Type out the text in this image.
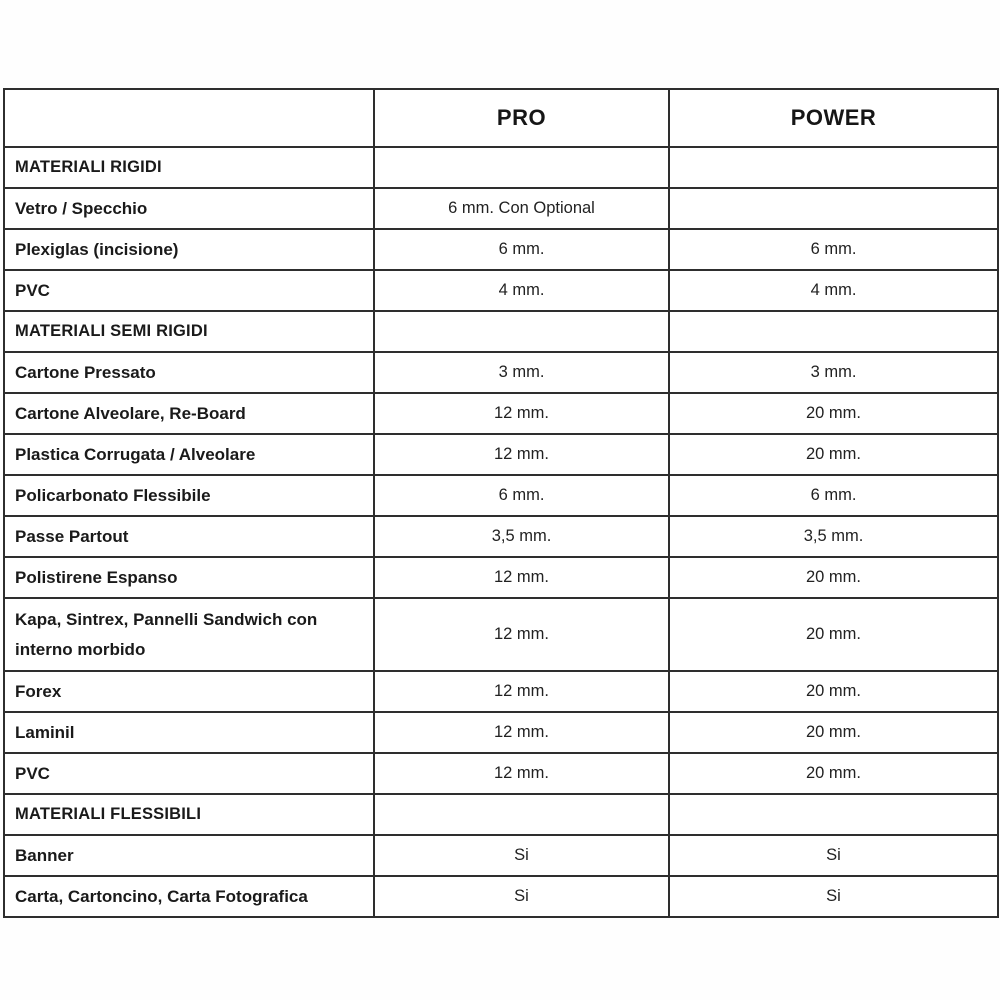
	PRO	POWER
MATERIALI RIGIDI		
Vetro / Specchio	6 mm. Con Optional	
Plexiglas (incisione)	6 mm.	6 mm.
PVC	4 mm.	4 mm.
MATERIALI SEMI RIGIDI		
Cartone Pressato	3 mm.	3 mm.
Cartone Alveolare, Re-Board	12 mm.	20 mm.
Plastica Corrugata / Alveolare	12 mm.	20 mm.
Policarbonato Flessibile	6 mm.	6 mm.
Passe Partout	3,5 mm.	3,5 mm.
Polistirene Espanso	12 mm.	20 mm.
Kapa, Sintrex, Pannelli Sandwich con interno morbido	12 mm.	20 mm.
Forex	12 mm.	20 mm.
Laminil	12 mm.	20 mm.
PVC	12 mm.	20 mm.
MATERIALI FLESSIBILI		
Banner	Si	Si
Carta, Cartoncino, Carta Fotografica	Si	Si
